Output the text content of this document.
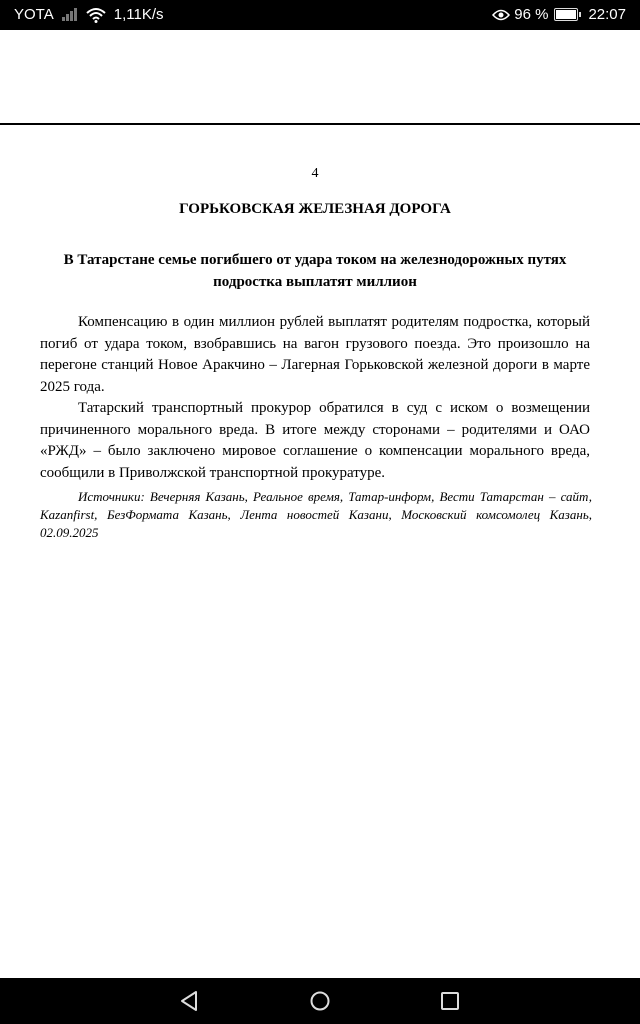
YOTA	1,11K/s	96 %	22:07
4
ГОРЬКОВСКАЯ ЖЕЛЕЗНАЯ ДОРОГА
В Татарстане семье погибшего от удара током на железнодорожных путях подростка выплатят миллион

Компенсацию в один миллион рублей выплатят родителям подростка, который погиб от удара током, взобравшись на вагон грузового поезда. Это произошло на перегоне станций Новое Аракчино – Лагерная Горьковской железной дороги в марте 2025 года.

Татарский транспортный прокурор обратился в суд с иском о возмещении причиненного морального вреда. В итоге между сторонами – родителями и ОАО «РЖД» – было заключено мировое соглашение о компенсации морального вреда, сообщили в Приволжской транспортной прокуратуре.

Источники: Вечерняя Казань, Реальное время, Татар-информ, Вести Татарстан – сайт, Kazanfirst, БезФормата Казань, Лента новостей Казани, Московский комсомолец Казань, 02.09.2025
